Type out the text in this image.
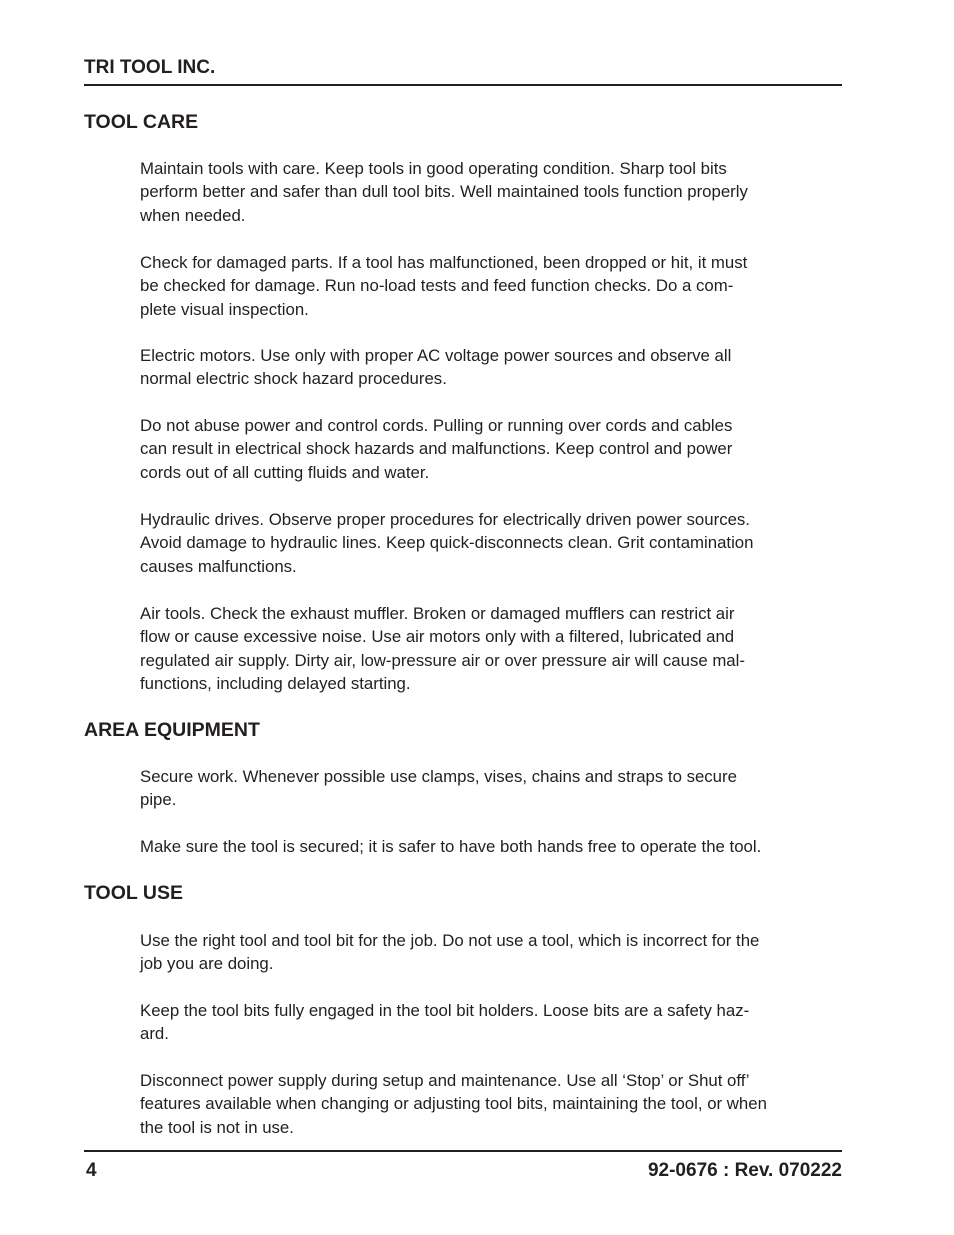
TRI TOOL INC.
TOOL CARE

Maintain tools with care. Keep tools in good operating condition. Sharp tool bits
perform better and safer than dull tool bits. Well maintained tools function properly
when needed.

Check for damaged parts. If a tool has malfunctioned, been dropped or hit, it must
be checked for damage. Run no-load tests and feed function checks. Do a com-
plete visual inspection.

Electric motors. Use only with proper AC voltage power sources and observe all
normal electric shock hazard procedures.

Do not abuse power and control cords. Pulling or running over cords and cables
can result in electrical shock hazards and malfunctions. Keep control and power
cords out of all cutting fluids and water.

Hydraulic drives. Observe proper procedures for electrically driven power sources.
Avoid damage to hydraulic lines. Keep quick-disconnects clean. Grit contamination
causes malfunctions.

Air tools. Check the exhaust muffler. Broken or damaged mufflers can restrict air
flow or cause excessive noise. Use air motors only with a filtered, lubricated and
regulated air supply. Dirty air, low-pressure air or over pressure air will cause mal-
functions, including delayed starting.

AREA EQUIPMENT

Secure work. Whenever possible use clamps, vises, chains and straps to secure
pipe.

Make sure the tool is secured; it is safer to have both hands free to operate the tool.

TOOL USE

Use the right tool and tool bit for the job. Do not use a tool, which is incorrect for the
job you are doing.

Keep the tool bits fully engaged in the tool bit holders. Loose bits are a safety haz-
ard.

Disconnect power supply during setup and maintenance. Use all ‘Stop’ or Shut off’
features available when changing or adjusting tool bits, maintaining the tool, or when
the tool is not in use.

4	92-0676 : Rev. 070222
